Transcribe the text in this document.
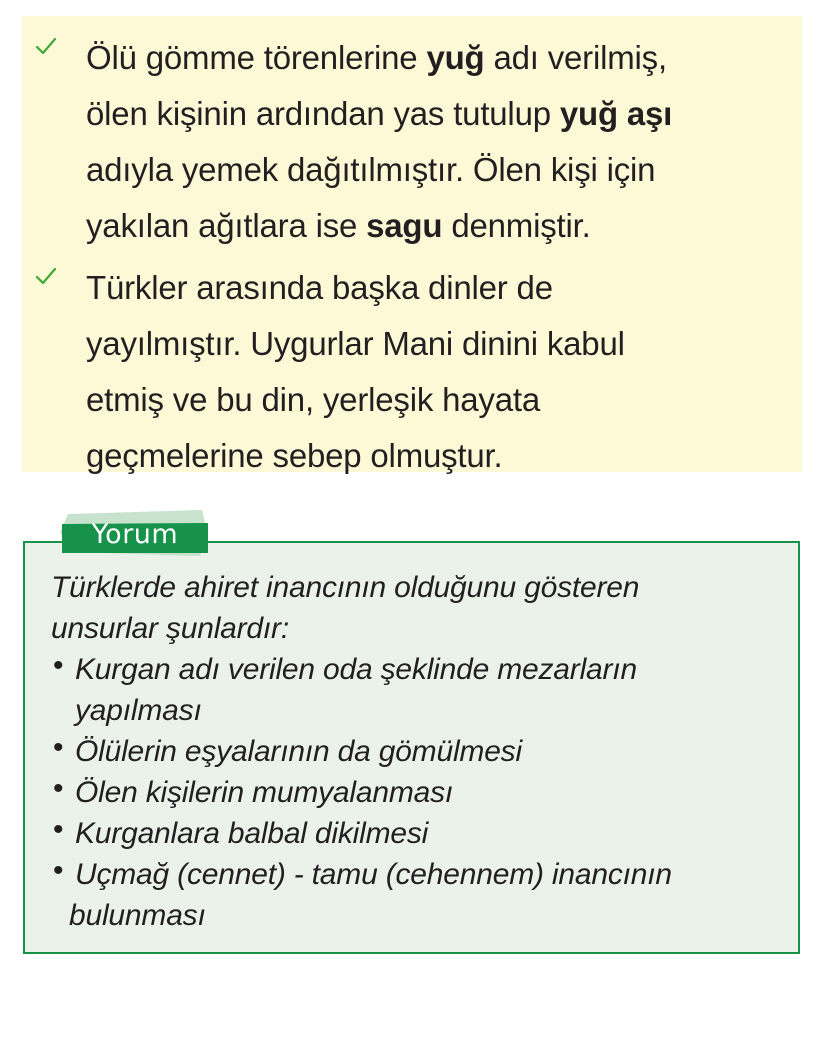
Ölü gömme törenlerine yuğ adı verilmiş,
ölen kişinin ardından yas tutulup yuğ aşı
adıyla yemek dağıtılmıştır. Ölen kişi için
yakılan ağıtlara ise sagu denmiştir.
Türkler arasında başka dinler de
yayılmıştır. Uygurlar Mani dinini kabul
etmiş ve bu din, yerleşik hayata
geçmelerine sebep olmuştur.
Türklerde ahiret inancının olduğunu gösteren
unsurlar şunlardır:
• Kurgan adı verilen oda şeklinde mezarların
yapılması
• Ölülerin eşyalarının da gömülmesi
• Ölen kişilerin mumyalanması
• Kurganlara balbal dikilmesi
• Uçmağ (cennet) - tamu (cehennem) inancının
bulunması
Yorum
